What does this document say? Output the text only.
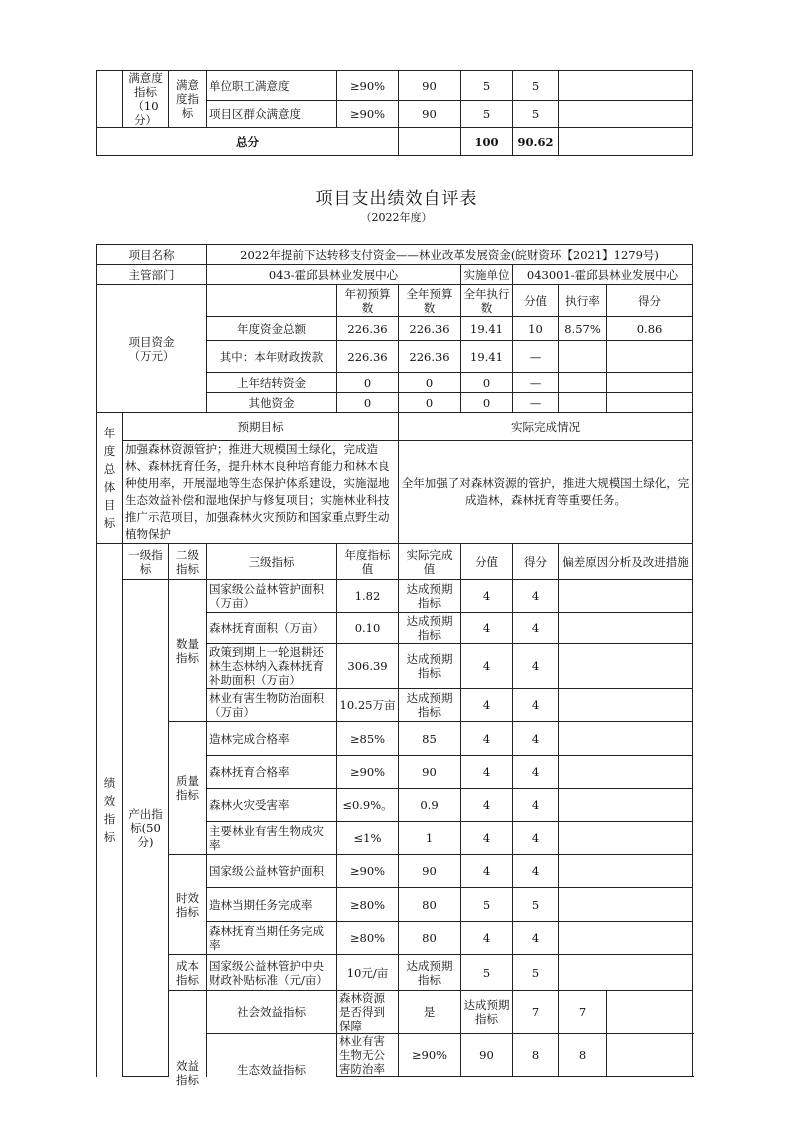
	满意度指标（10分）	满意度指标	单位职工满意度	≥90%	90	5	5	
			项目区群众满意度	≥90%	90	5	5	
总分						100	90.62	
项目支出绩效自评表
（2022年度）
项目名称			2022年提前下达转移支付资金——林业改革发展资金(皖财资环【2021】1279号)						
主管部门			043-霍邱县林业发展中心			实施单位	043001-霍邱县林业发展中心		
项目资金（万元）				年初预算数	全年预算数	全年执行数	分值	执行率	得分
			年度资金总额	226.36	226.36	19.41	10	8.57%	0.86
			其中：本年财政拨款	226.36	226.36	19.41	—		
			上年结转资金	0	0	0	—		
			其他资金	0	0	0	—		
年度总体目标	预期目标				实际完成情况				
	加强森林资源管护；推进大规模国土绿化，完成造林、森林抚育任务，提升林木良种培育能力和林木良种使用率，开展湿地等生态保护体系建设，实施湿地生态效益补偿和湿地保护与修复项目；实施林业科技推广示范项目，加强森林火灾预防和国家重点野生动植物保护				全年加强了对森林资源的管护，推进大规模国土绿化，完成造林，森林抚育等重要任务。				
绩效指标	一级指标	二级指标	三级指标	年度指标值	实际完成值	分值	得分	偏差原因分析及改进措施	
	产出指标(50分)	数量指标	国家级公益林管护面积（万亩）	1.82	达成预期指标	4	4		
			森林抚育面积（万亩）	0.10	达成预期指标	4	4		
			政策到期上一轮退耕还林生态林纳入森林抚育补助面积（万亩）	306.39	达成预期指标	4	4		
			林业有害生物防治面积（万亩）	10.25万亩	达成预期指标	4	4		
		质量指标	造林完成合格率	≥85%	85	4	4		
			森林抚育合格率	≥90%	90	4	4		
			森林火灾受害率	≤0.9%。	0.9	4	4		
			主要林业有害生物成灾率	≤1%	1	4	4		
		时效指标	国家级公益林管护面积	≥90%	90	4	4		
			造林当期任务完成率	≥80%	80	5	5		
			森林抚育当期任务完成率	≥80%	80	4	4		
		成本指标	国家级公益林管护中央财政补贴标准（元/亩）	10元/亩	达成预期指标	5	5		
		效益指标	社会效益指标	森林资源是否得到保障	是	达成预期指标	7	7	
			生态效益指标	林业有害生物无公害防治率	≥90%	90	8	8	
